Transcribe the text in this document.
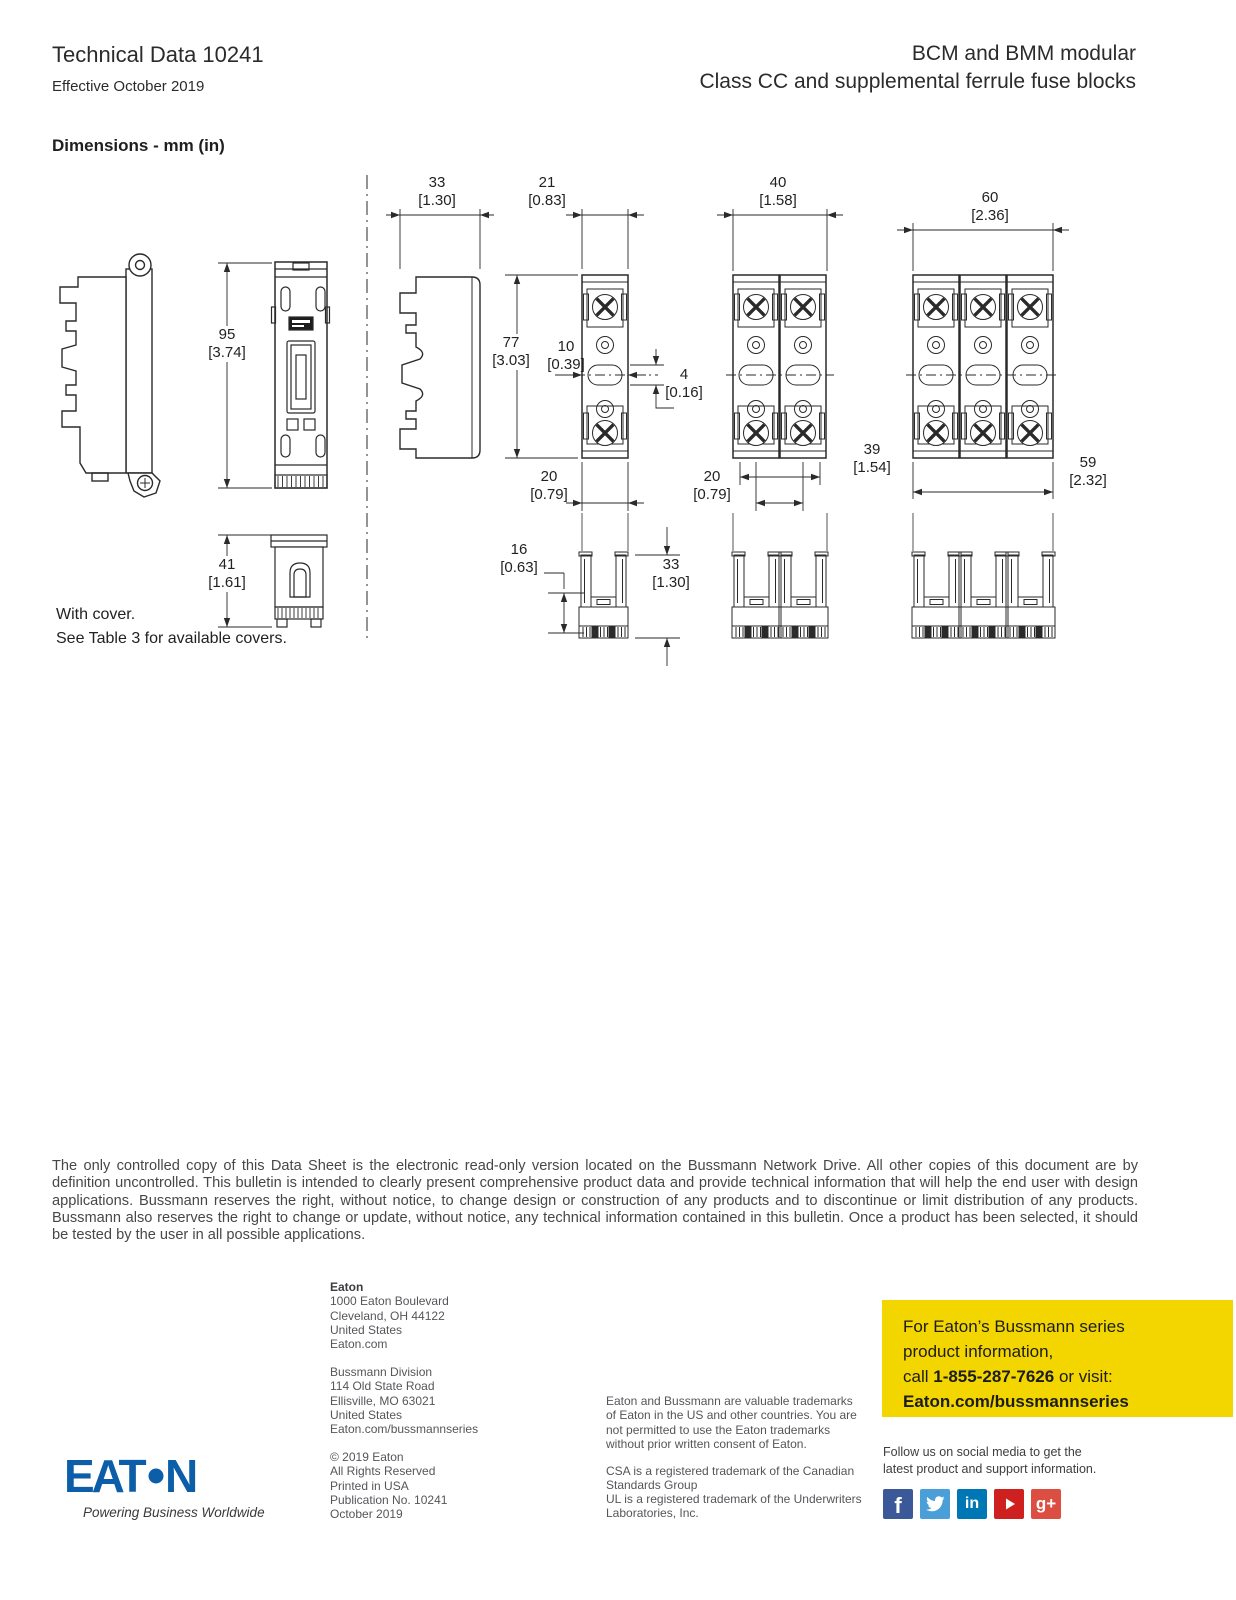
Technical Data 10241
Effective October 2019
BCM and BMM modular
Class CC and supplemental ferrule fuse blocks
Dimensions - mm (in)
33
[1.30]
21
[0.83]
40
[1.58]	60
[2.36]
95
[3.74]
77
[3.03]
10
[0.39]
4
[0.16]
20
[0.79]
20
[0.79]
39
[1.54]	59
[2.32]
41
[1.61]
16
[0.63]	33
[1.30]
With cover.
See Table 3 for available covers.
The only controlled copy of this Data Sheet is the electronic read-only version located on the Bussmann Network Drive. All other copies of this document are by definition uncontrolled. This bulletin is intended to clearly present comprehensive product data and provide technical information that will help the end user with design applications. Bussmann reserves the right, without notice, to change design or construction of any products and to discontinue or limit distribution of any products. Bussmann also reserves the right to change or update, without notice, any technical information contained in this bulletin. Once a product has been selected, it should be tested by the user in all possible applications.
Eaton
1000 Eaton Boulevard
Cleveland, OH 44122
United States
Eaton.com
Bussmann Division
114 Old State Road
Ellisville, MO 63021
United States
Eaton.com/bussmannseries
© 2019 Eaton
All Rights Reserved
Printed in USA
Publication No. 10241
October 2019
Eaton and Bussmann are valuable trademarks of Eaton in the US and other countries. You are not permitted to use the Eaton trademarks without prior written consent of Eaton.
CSA is a registered trademark of the Canadian Standards Group
UL is a registered trademark of the Underwriters Laboratories, Inc.
For Eaton’s Bussmann series
product information,
call 1-855-287-7626 or visit:
Eaton.com/bussmannseries
Follow us on social media to get the
latest product and support information.
f	in	g+
EAT N
Powering Business Worldwide
